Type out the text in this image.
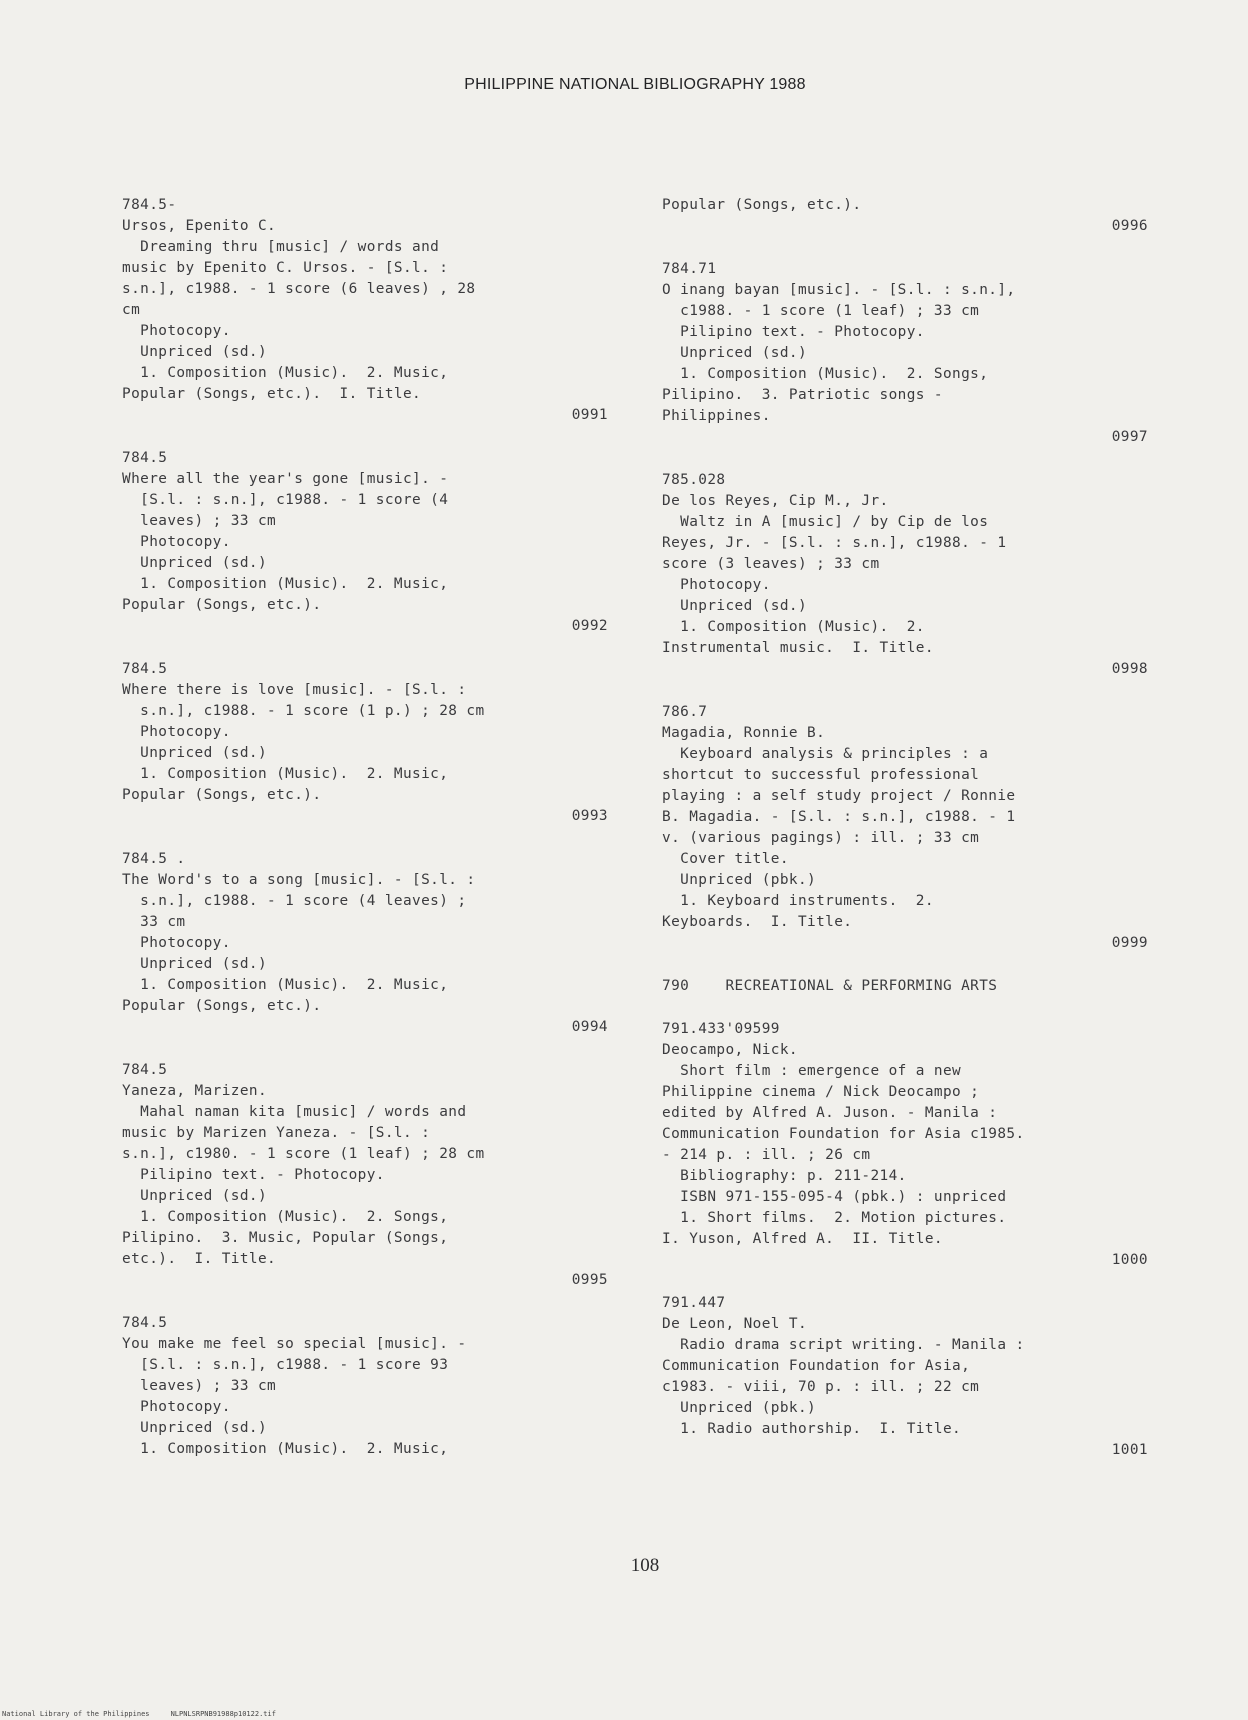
PHILIPPINE NATIONAL BIBLIOGRAPHY 1988
784.5-
Ursos, Epenito C.
Dreaming thru [music] / words and
music by Epenito C. Ursos. - [S.l. :
s.n.], c1988. - 1 score (6 leaves) , 28
cm
Photocopy.
Unpriced (sd.)
1. Composition (Music).  2. Music,
Popular (Songs, etc.).  I. Title.
0991
784.5
Where all the year's gone [music]. -
[S.l. : s.n.], c1988. - 1 score (4
leaves) ; 33 cm
Photocopy.
Unpriced (sd.)
1. Composition (Music).  2. Music,
Popular (Songs, etc.).
0992
784.5
Where there is love [music]. - [S.l. :
s.n.], c1988. - 1 score (1 p.) ; 28 cm
Photocopy.
Unpriced (sd.)
1. Composition (Music).  2. Music,
Popular (Songs, etc.).
0993
784.5 .
The Word's to a song [music]. - [S.l. :
s.n.], c1988. - 1 score (4 leaves) ;
33 cm
Photocopy.
Unpriced (sd.)
1. Composition (Music).  2. Music,
Popular (Songs, etc.).
0994
784.5
Yaneza, Marizen.
Mahal naman kita [music] / words and
music by Marizen Yaneza. - [S.l. :
s.n.], c1980. - 1 score (1 leaf) ; 28 cm
Pilipino text. - Photocopy.
Unpriced (sd.)
1. Composition (Music).  2. Songs,
Pilipino.  3. Music, Popular (Songs,
etc.).  I. Title.
0995
784.5
You make me feel so special [music]. -
[S.l. : s.n.], c1988. - 1 score 93
leaves) ; 33 cm
Photocopy.
Unpriced (sd.)
1. Composition (Music).  2. Music,
Popular (Songs, etc.).
0996
784.71
O inang bayan [music]. - [S.l. : s.n.],
c1988. - 1 score (1 leaf) ; 33 cm
Pilipino text. - Photocopy.
Unpriced (sd.)
1. Composition (Music).  2. Songs,
Pilipino.  3. Patriotic songs -
Philippines.
0997
785.028
De los Reyes, Cip M., Jr.
Waltz in A [music] / by Cip de los
Reyes, Jr. - [S.l. : s.n.], c1988. - 1
score (3 leaves) ; 33 cm
Photocopy.
Unpriced (sd.)
1. Composition (Music).  2.
Instrumental music.  I. Title.
0998
786.7
Magadia, Ronnie B.
Keyboard analysis & principles : a
shortcut to successful professional
playing : a self study project / Ronnie
B. Magadia. - [S.l. : s.n.], c1988. - 1
v. (various pagings) : ill. ; 33 cm
Cover title.
Unpriced (pbk.)
1. Keyboard instruments.  2.
Keyboards.  I. Title.
0999
790    RECREATIONAL & PERFORMING ARTS
791.433'09599
Deocampo, Nick.
Short film : emergence of a new
Philippine cinema / Nick Deocampo ;
edited by Alfred A. Juson. - Manila :
Communication Foundation for Asia c1985.
- 214 p. : ill. ; 26 cm
Bibliography: p. 211-214.
ISBN 971-155-095-4 (pbk.) : unpriced
1. Short films.  2. Motion pictures.
I. Yuson, Alfred A.  II. Title.
1000
791.447
De Leon, Noel T.
Radio drama script writing. - Manila :
Communication Foundation for Asia,
c1983. - viii, 70 p. : ill. ; 22 cm
Unpriced (pbk.)
1. Radio authorship.  I. Title.
1001
108
National Library of the Philippines     NLPNLSRPNB91988p10122.tif
